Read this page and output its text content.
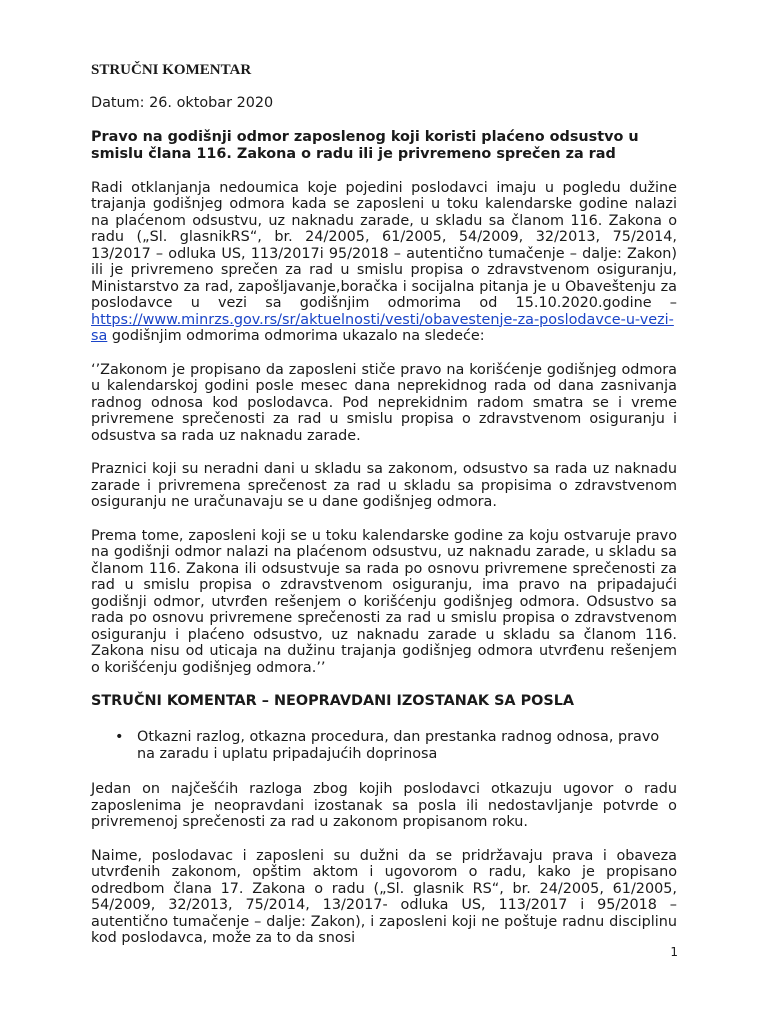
STRUČNI KOMENTAR

Datum: 26. oktobar 2020

Pravo na godišnji odmor zaposlenog koji koristi plaćeno odsustvo u smislu člana 116. Zakona o radu ili je privremeno sprečen za rad

Radi otklanjanja nedoumica koje pojedini poslodavci imaju u pogledu dužine trajanja godišnjeg odmora kada se zaposleni u toku kalendarske godine nalazi na plaćenom odsustvu, uz naknadu zarade, u skladu sa članom 116. Zakona o radu („Sl. glasnikRS“, br. 24/2005, 61/2005, 54/2009, 32/2013, 75/2014, 13/2017 – odluka US, 113/2017i 95/2018 – autentično tumačenje – dalje: Zakon) ili je privremeno sprečen za rad u smislu propisa o zdravstvenom osiguranju, Ministarstvo za rad, zapošljavanje,boračka i socijalna pitanja je u Obaveštenju za poslodavce u vezi sa godišnjim odmorima od 15.10.2020.godine – https://www.minrzs.gov.rs/sr/aktuelnosti/vesti/obavestenje-za-poslodavce-u-vezi-sa godišnjim odmorima odmorima ukazalo na sledeće:

‘’Zakonom je propisano da zaposleni stiče pravo na korišćenje godišnjeg odmora u kalendarskoj godini posle mesec dana neprekidnog rada od dana zasnivanja radnog odnosa kod poslodavca. Pod neprekidnim radom smatra se i vreme privremene sprečenosti za rad u smislu propisa o zdravstvenom osiguranju i odsustva sa rada uz naknadu zarade.

Praznici koji su neradni dani u skladu sa zakonom, odsustvo sa rada uz naknadu zarade i privremena sprečenost za rad u skladu sa propisima o zdravstvenom osiguranju ne uračunavaju se u dane godišnjeg odmora.

Prema tome, zaposleni koji se u toku kalendarske godine za koju ostvaruje pravo na godišnji odmor nalazi na plaćenom odsustvu, uz naknadu zarade, u skladu sa članom 116. Zakona ili odsustvuje sa rada po osnovu privremene sprečenosti za rad u smislu propisa o zdravstvenom osiguranju, ima pravo na pripadajući godišnji odmor, utvrđen rešenjem o korišćenju godišnjeg odmora. Odsustvo sa rada po osnovu privremene sprečenosti za rad u smislu propisa o zdravstvenom osiguranju i plaćeno odsustvo, uz naknadu zarade u skladu sa članom 116. Zakona nisu od uticaja na dužinu trajanja godišnjeg odmora utvrđenu rešenjem o korišćenju godišnjeg odmora.’’

STRUČNI KOMENTAR – NEOPRAVDANI IZOSTANAK SA POSLA

• Otkazni razlog, otkazna procedura, dan prestanka radnog odnosa, pravo na zaradu i uplatu pripadajućih doprinosa

Jedan on najčešćih razloga zbog kojih poslodavci otkazuju ugovor o radu zaposlenima je neopravdani izostanak sa posla ili nedostavljanje potvrde o privremenoj sprečenosti za rad u zakonom propisanom roku.

Naime, poslodavac i zaposleni su dužni da se pridržavaju prava i obaveza utvrđenih zakonom, opštim aktom i ugovorom o radu, kako je propisano odredbom člana 17. Zakona o radu („Sl. glasnik RS“, br. 24/2005, 61/2005, 54/2009, 32/2013, 75/2014, 13/2017- odluka US, 113/2017 i 95/2018 – autentično tumačenje – dalje: Zakon), i zaposleni koji ne poštuje radnu disciplinu kod poslodavca, može za to da snosi

1
